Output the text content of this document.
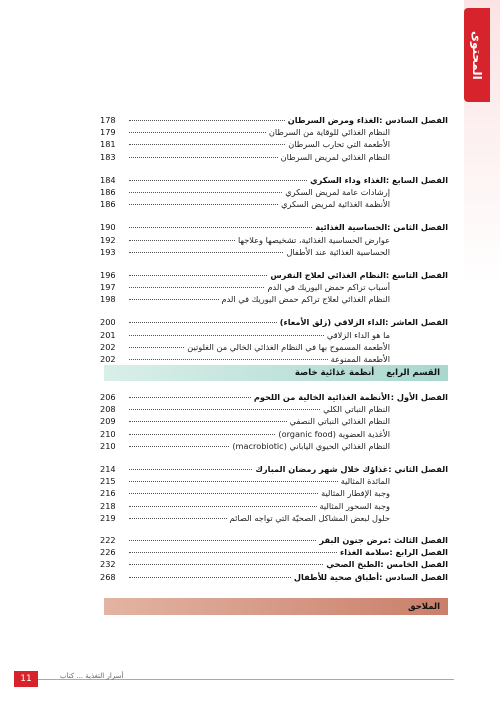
المحتوى
الفصل السادس :
الغذاء ومرض السرطان
178
النظام الغذائي للوقاية من السرطان
179
الأطعمة التي تحارب السرطان
181
النظام الغذائي لمريض السرطان
183
الفصل السابع :
الغذاء وداء السكري
184
إرشادات عامة لمريض السكري
186
الأنظمة الغذائية لمريض السكري
186
الفصل الثامن :
الحساسية الغذائية
190
عوارض الحساسية الغذائية، تشخيصها وعلاجها
192
الحساسية الغذائية عند الأطفال
193
الفصل التاسع :
النظام الغذائي لعلاج النقرس
196
أسباب تراكم حمض اليوريك في الدم
197
النظام الغذائي لعلاج تراكم حمض اليوريك في الدم
198
الفصل العاشر :
الداء الزلاقي (زلق الأمعاء)
200
ما هو الداء الزلاقي
201
الأطعمة المسموح بها في النظام الغذائي الخالي من الغلوتين
202
الأطعمة الممنوعة
202
القسم الرابع
أنظمة غذائية خاصة
الفصل الأول :
الأنظمة الغذائية الخالية من اللحوم
206
النظام النباتي الكلي
208
النظام الغذائي النباتي النصفي
209
الأغذية العضوية (organic food)
210
النظام الغذائي الحيوي الياباني (macrobiotic)
210
الفصل الثاني :
غذاؤك خلال شهر رمضان المبارك
214
المائدة المثالية
215
وجبة الإفطار المثالية
216
وجبة السحور المثالية
218
حلول لبعض المشاكل الصحيّة التي تواجه الصائم
219
الفصل الثالث :
مرض جنون البقر
222
الفصل الرابع :
سلامة الغذاء
226
الفصل الخامس :
الطبخ الصحي
232
الفصل السادس :
أطباق صحية للأطفال
268
الملاحق
11	أسرار التغذية ... كتاب
